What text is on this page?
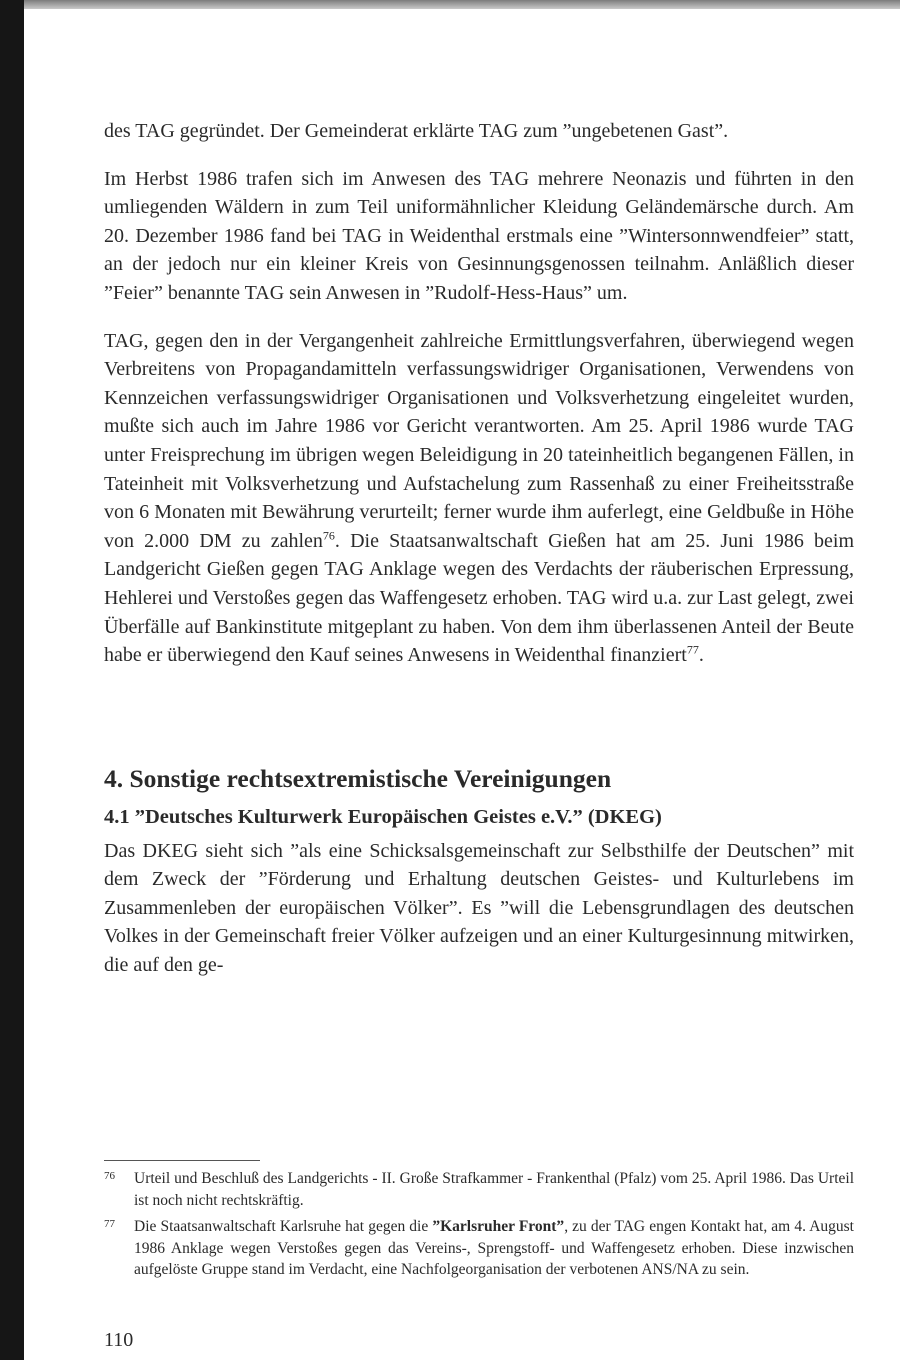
des TAG gegründet. Der Gemeinderat erklärte TAG zum ”ungebetenen Gast”.

Im Herbst 1986 trafen sich im Anwesen des TAG mehrere Neonazis und führten in den umliegenden Wäldern in zum Teil uniformähnlicher Kleidung Geländemärsche durch. Am 20. Dezember 1986 fand bei TAG in Weidenthal erstmals eine ”Wintersonnwendfeier” statt, an der jedoch nur ein kleiner Kreis von Gesinnungsgenossen teilnahm. Anläßlich dieser ”Feier” benannte TAG sein Anwesen in ”Rudolf-Hess-Haus” um.

TAG, gegen den in der Vergangenheit zahlreiche Ermittlungsverfahren, überwiegend wegen Verbreitens von Propagandamitteln verfassungswidriger Organisationen, Verwendens von Kennzeichen verfassungswidriger Organisationen und Volksverhetzung eingeleitet wurden, mußte sich auch im Jahre 1986 vor Gericht verantworten. Am 25. April 1986 wurde TAG unter Freisprechung im übrigen wegen Beleidigung in 20 tateinheitlich begangenen Fällen, in Tateinheit mit Volksverhetzung und Aufstachelung zum Rassenhaß zu einer Freiheitsstraße von 6 Monaten mit Bewährung verurteilt; ferner wurde ihm auferlegt, eine Geldbuße in Höhe von 2.000 DM zu zahlen$^{76}$. Die Staatsanwaltschaft Gießen hat am 25. Juni 1986 beim Landgericht Gießen gegen TAG Anklage wegen des Verdachts der räuberischen Erpressung, Hehlerei und Verstoßes gegen das Waffengesetz erhoben. TAG wird u.a. zur Last gelegt, zwei Überfälle auf Bankinstitute mitgeplant zu haben. Von dem ihm überlassenen Anteil der Beute habe er überwiegend den Kauf seines Anwesens in Weidenthal finanziert$^{77}$.

4. Sonstige rechtsextremistische Vereinigungen
4.1 ”Deutsches Kulturwerk Europäischen Geistes e.V.” (DKEG)

Das DKEG sieht sich ”als eine Schicksalsgemeinschaft zur Selbsthilfe der Deutschen” mit dem Zweck der ”Förderung und Erhaltung deutschen Geistes- und Kulturlebens im Zusammenleben der europäischen Völker”. Es ”will die Lebensgrundlagen des deutschen Volkes in der Gemeinschaft freier Völker aufzeigen und an einer Kulturgesinnung mitwirken, die auf den ge-

76 Urteil und Beschluß des Landgerichts - II. Große Strafkammer - Frankenthal (Pfalz) vom 25. April 1986. Das Urteil ist noch nicht rechtskräftig.
77 Die Staatsanwaltschaft Karlsruhe hat gegen die ”Karlsruher Front”, zu der TAG engen Kontakt hat, am 4. August 1986 Anklage wegen Verstoßes gegen das Vereins-, Sprengstoff- und Waffengesetz erhoben. Diese inzwischen aufgelöste Gruppe stand im Verdacht, eine Nachfolgeorganisation der verbotenen ANS/NA zu sein.
110
